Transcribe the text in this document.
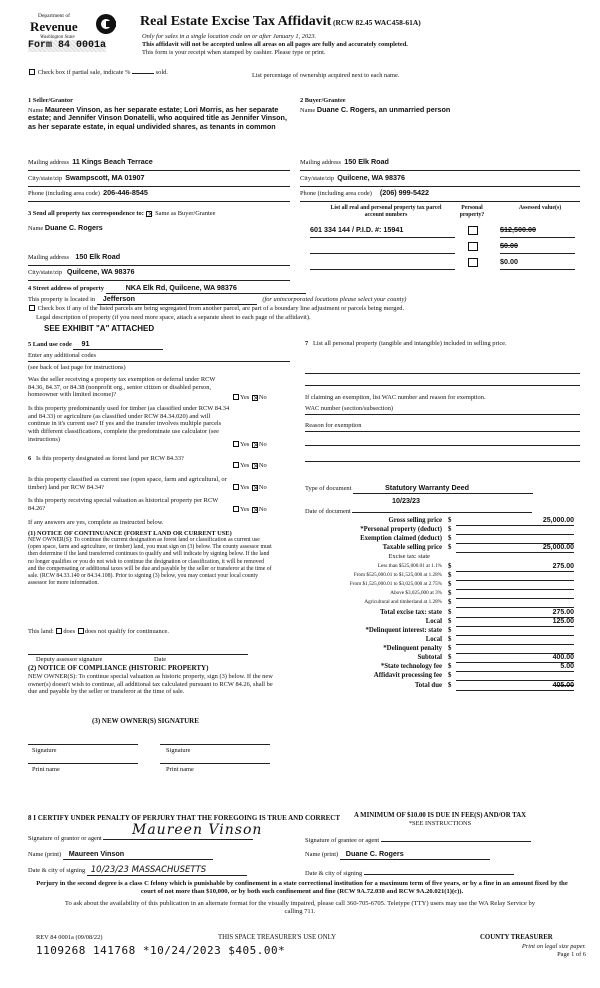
Department of
Revenue
Washington State
Form 84 0001a
Real Estate Excise Tax Affidavit (RCW 82.45 WAC458-61A)
Only for sales in a single location code on or after January 1, 2023.
This affidavit will not be accepted unless all areas on all pages are fully and accurately completed.
This form is your receipt when stamped by cashier. Please type or print.
Check box if partial sale, indicate %	sold.	List percentage of ownership acquired next to each name.
1 Seller/Grantor
Name Maureen Vinson, as her separate estate; Lori Morris, as her separate estate; and Jennifer Vinson Donatelli, who acquired title as Jennifer Vinson, as her separate estate, in equal undivided shares, as tenants in common
Mailing address 11 Kings Beach Terrace
City/state/zip Swampscott, MA 01907
Phone (including area code) 206-446-8545
2 Buyer/Grantee
Name Duane C. Rogers, an unmarried person
Mailing address 150 Elk Road
City/state/zip Quilcene, WA 98376
Phone (including area code) (206) 999-5422
3 Send all property tax correspondence to: × Same as Buyer/Grantee
Name Duane C. Rogers
Mailing address 150 Elk Road
City/state/zip Quilcene, WA 98376
List all real and personal property tax parcel account numbers
Personal property?
Assessed value(s)
601 334 144 / P.I.D. #: 15941	$12,500.00
$0.00
$0.00
4 Street address of property	NKA Elk Rd, Quilcene, WA 98376
This property is located in Jefferson	(for unincorporated locations please select your county)
Check box if any of the listed parcels are being segregated from another parcel, are part of a boundary line adjustment or parcels being merged.
Legal description of property (if you need more space, attach a separate sheet to each page of the affidavit).
SEE EXHIBIT "A" ATTACHED
5 Land use code 91
Enter any additional codes
(see back of last page for instructions)
Was the seller receiving a property tax exemption or deferral under RCW 84.36, 84.37, or 84.38 (nonprofit org., senior citizen or disabled person, homeowner with limited income)?	Yes × No
Is this property predominantly used for timber (as classified under RCW 84.34 and 84.33) or agriculture (as classified under RCW 84.34.020) and will continue in it's current use? If yes and the transfer involves multiple parcels with different classifications, complete the predominate use calculator (see instructions)
Yes × No
6 Is this property designated as forest land per RCW 84.33?
Yes × No
Is this property classified as current use (open space, farm and agricultural, or timber) land per RCW 84.34?	Yes × No
Is this property receiving special valuation as historical property per RCW 84.26?	Yes × No
If any answers are yes, complete as instructed below.
(1) NOTICE OF CONTINUANCE (FOREST LAND OR CURRENT USE)
NEW OWNER(S): To continue the current designation as forest land or classification as current use (open space, farm and agriculture, or timber) land, you must sign on (3) below. The county assessor must then determine if the land transferred continues to qualify and will indicate by signing below. If the land no longer qualifies or you do not wish to continue the designation or classification, it will be removed and the compensating or additional taxes will be due and payable by the seller or transferor at the time of sale. (RCW 84.33.140 or 84.34.108). Prior to signing (3) below, you may contact your local county assessor for more information.
This land: does does not qualify for continuance.
Deputy assessor signature	Date
(2) NOTICE OF COMPLIANCE (HISTORIC PROPERTY)
NEW OWNER(S): To continue special valuation as historic property, sign (3) below. If the new owner(s) doesn't wish to continue, all additional tax calculated pursuant to RCW 84.26, shall be due and payable by the seller or transferor at the time of sale.
(3) NEW OWNER(S) SIGNATURE
Signature	Signature
Print name	Print name
7 List all personal property (tangible and intangible) included in selling price.
If claiming an exemption, list WAC number and reason for exemption.
WAC number (section/subsection)
Reason for exemption
Type of document	Statutory Warranty Deed
10/23/23
Date of document
Gross selling price $	25,000.00
*Personal property (deduct) $
Exemption claimed (deduct) $
Taxable selling price $	25,000.00
Excise tax: state
Less than $525,000.01 at 1.1% $	275.00
From $525,000.01 to $1,525,000 at 1.28% $
From $1,525,000.01 to $3,025,000 at 2.75% $
Above $3,025,000 at 3% $
Agricultural and timberland at 1.28% $
Total excise tax: state $	275.00
Local $	125.00
*Delinquent interest: state $
Local $
*Delinquent penalty $
Subtotal $	400.00
*State technology fee $	5.00
Affidavit processing fee $
Total due $	405.00
A MINIMUM OF $10.00 IS DUE IN FEE(S) AND/OR TAX
*SEE INSTRUCTIONS
8 I CERTIFY UNDER PENALTY OF PERJURY THAT THE FOREGOING IS TRUE AND CORRECT
Signature of grantor or agent
Maureen Vinson
Signature of grantee or agent
Name (print) Maureen Vinson	Name (print) Duane C. Rogers
Date & city of signing 10/23/23 MASSACHUSETTS	Date & city of signing
Perjury in the second degree is a class C felony which is punishable by confinement in a state correctional institution for a maximum term of five years, or by a fine in an amount fixed by the court of not more than $10,000, or by both such confinement and fine (RCW 9A.72.030 and RCW 9A.20.021(1)(c)).
To ask about the availability of this publication in an alternate format for the visually impaired, please call 360-705-6705. Teletype (TTY) users may use the WA Relay Service by calling 711.
REV 84 0001a (09/08/22)	THIS SPACE TREASURER'S USE ONLY	COUNTY TREASURER
1109268 141768 *10/24/2023 $405.00*	Print on legal size paper.
Page 1 of 6
